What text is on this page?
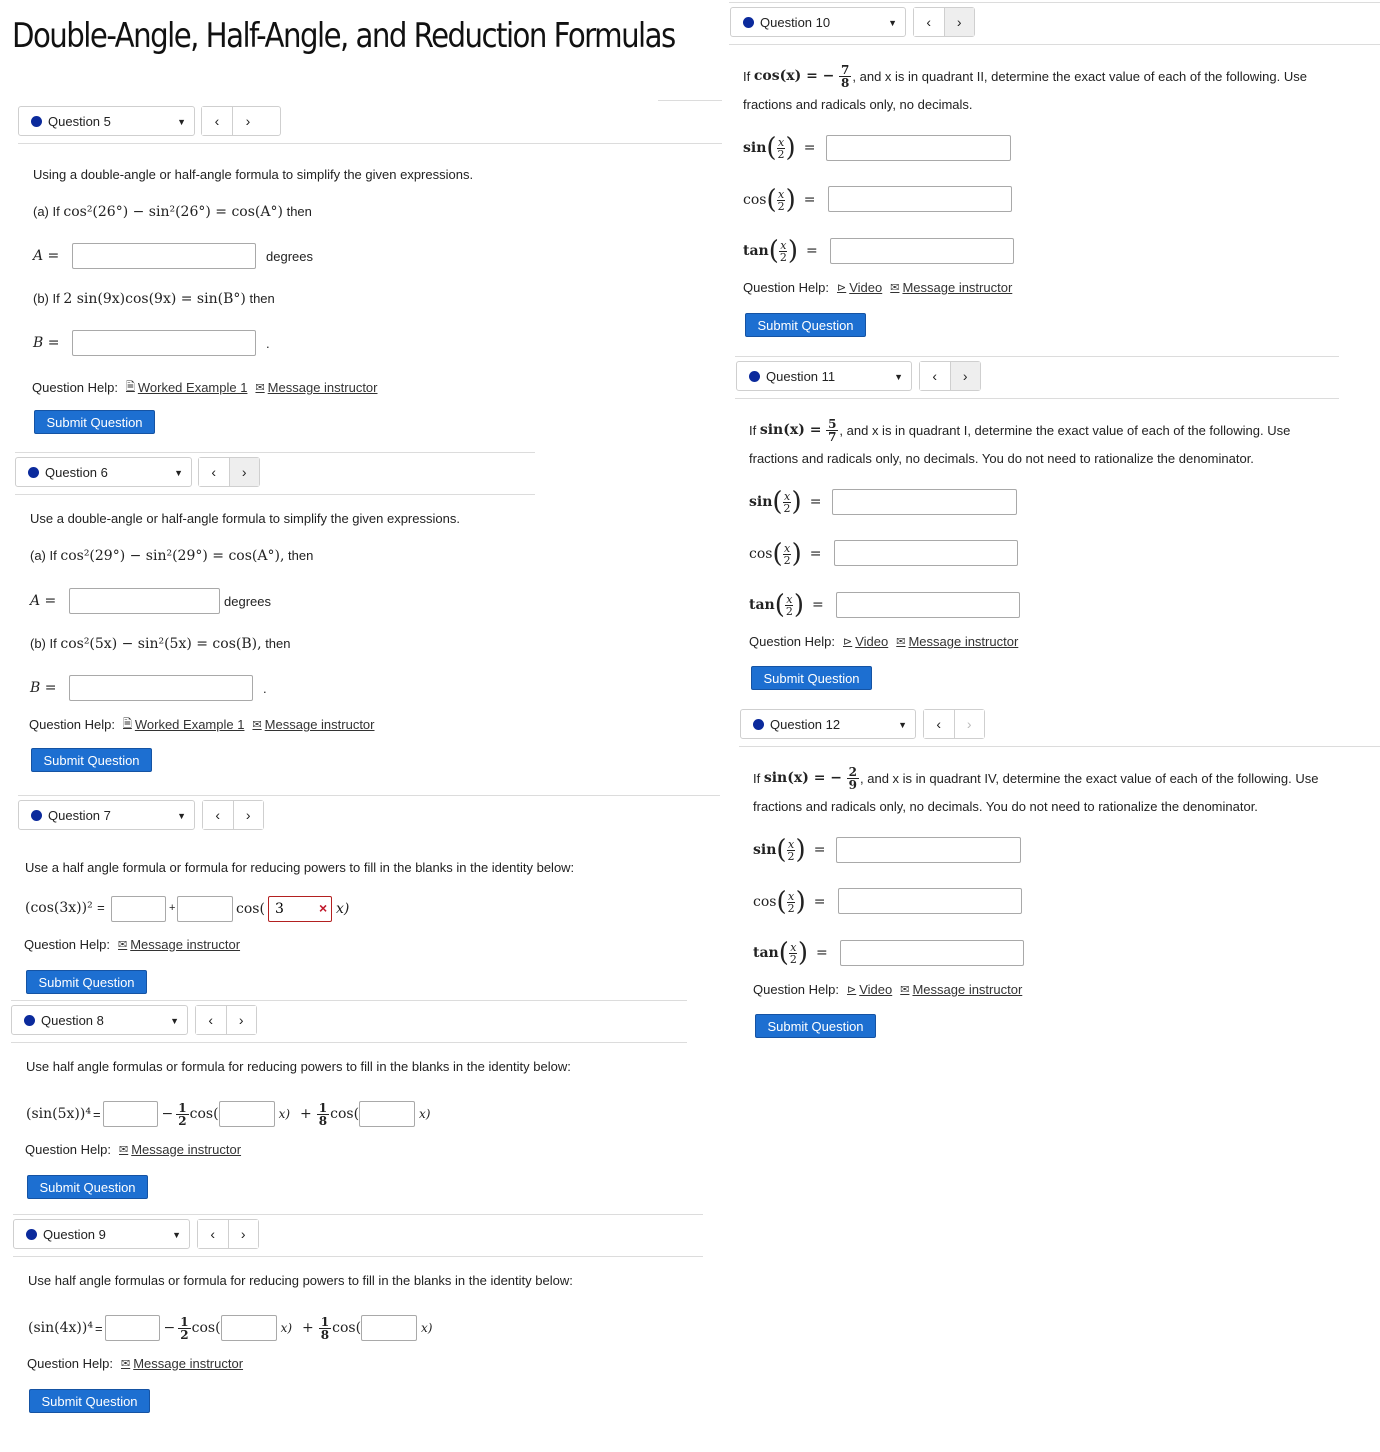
Double-Angle, Half-Angle, and Reduction Formulas
Question 5	▼	‹	›
Using a double-angle or half-angle formula to simplify the given expressions.
(a) If cos²(26°) − sin²(26°) = cos(A°) then
A =	degrees
(b) If 2 sin(9x)cos(9x) = sin(B°) then
B =	.
Question Help: 🗎 Worked Example 1 ✉ Message instructor
Submit Question
Question 6	▼	‹	›
Use a double-angle or half-angle formula to simplify the given expressions.
(a) If cos²(29°) − sin²(29°) = cos(A°), then
A =	degrees
(b) If cos²(5x) − sin²(5x) = cos(B), then
B =	.
Question Help: 🗎 Worked Example 1 ✉ Message instructor
Submit Question
Question 7	▼	‹	›
Use a half angle formula or formula for reducing powers to fill in the blanks in the identity below:
(cos(3x))² =	+	cos(
3	× x)
Question Help: ✉ Message instructor
Submit Question
Question 8	▼	‹	›
Use half angle formulas or formula for reducing powers to fill in the blanks in the identity below:
(sin(5x))⁴ =	− $\frac{1}{2} \cos$(	$x) + \frac{1}{8} \cos$(	x)
Question Help: ✉ Message instructor
Submit Question
Question 9	▼	‹	›
Use half angle formulas or formula for reducing powers to fill in the blanks in the identity below:
(sin(4x))⁴ =	− $\frac{1}{2} \cos$(	$x) + \frac{1}{8} \cos$(	x)
Question Help: ✉ Message instructor
Submit Question
Question 10	▼	‹	›
If
cos(x) = −
$\frac{7}{8}$ , and x is in quadrant II, determine the exact value of each of the following. Use
fractions and radicals only, no decimals.
sin ( $\frac{x}{2}$ ) =
cos ( $\frac{x}{2}$ ) =
tan ( $\frac{x}{2}$ ) =
Question Help: ⊳ Video ✉ Message instructor
Submit Question
Question 11	▼	‹	›
If
sin(x) =
$\frac{5}{7}$ , and x is in quadrant I, determine the exact value of each of the following. Use
fractions and radicals only, no decimals. You do not need to rationalize the denominator.
sin ( $\frac{x}{2}$ ) =
cos ( $\frac{x}{2}$ ) =
tan ( $\frac{x}{2}$ ) =
Question Help: ⊳ Video ✉ Message instructor
Submit Question
Question 12	▼	‹	›
If
sin(x) = −
$\frac{2}{9}$ , and x is in quadrant IV, determine the exact value of each of the following. Use
fractions and radicals only, no decimals. You do not need to rationalize the denominator.
sin ( $\frac{x}{2}$ ) =
cos ( $\frac{x}{2}$ ) =
tan ( $\frac{x}{2}$ ) =
Question Help: ⊳ Video ✉ Message instructor
Submit Question
